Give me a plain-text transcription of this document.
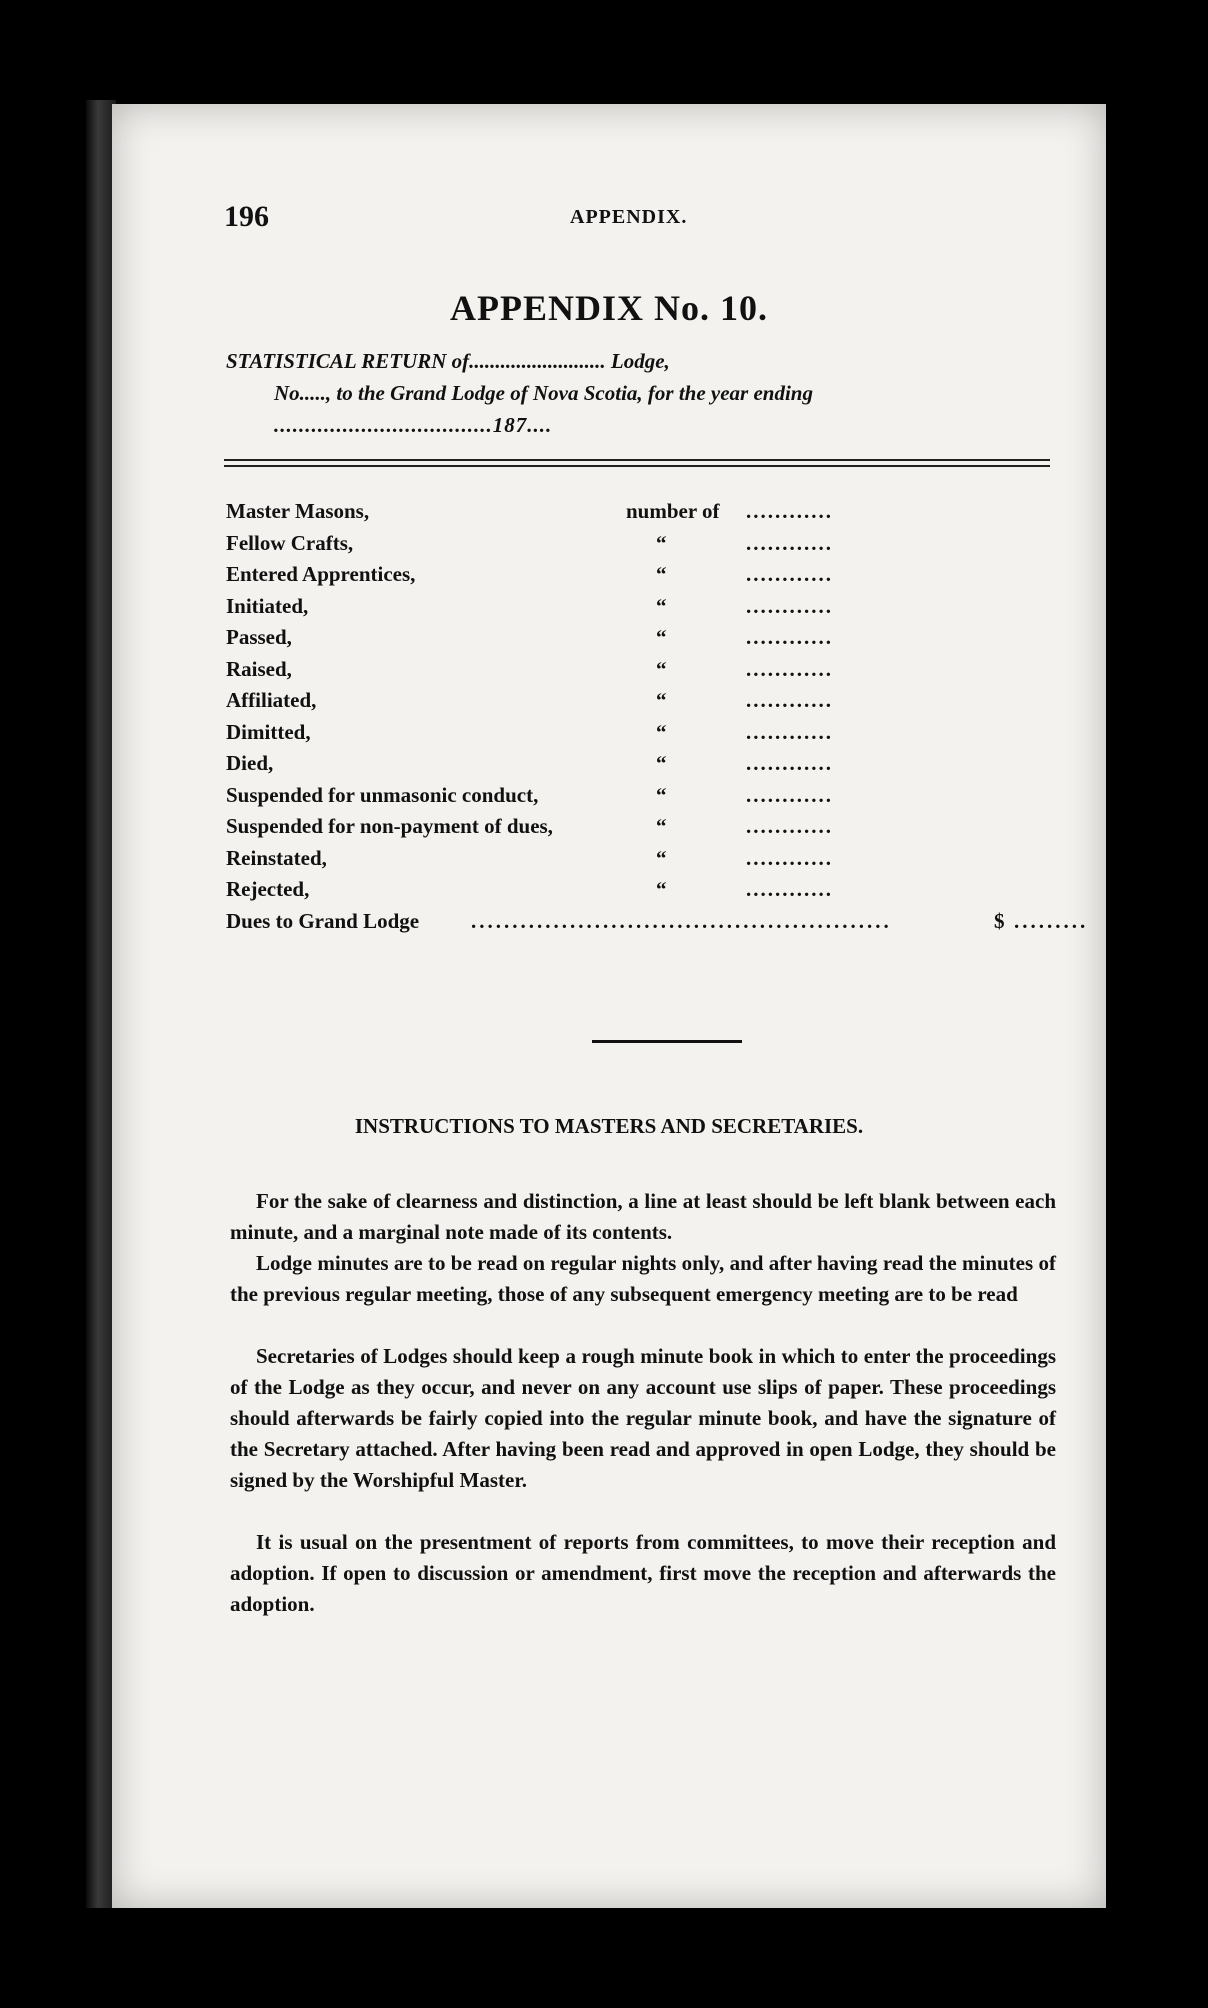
196	APPENDIX.
APPENDIX No. 10.
STATISTICAL RETURN of.......................... Lodge,
No....., to the Grand Lodge of Nova Scotia, for the year ending
...................................187....
Master Masons,	number of ............
Fellow Crafts,	“	............
Entered Apprentices,	“	............
Initiated,	“	............
Passed,	“	............
Raised,	“	............
Affiliated,	“	............
Dimitted,	“	............
Died,	“	............
Suspended for unmasonic conduct,	“	............
Suspended for non-payment of dues,	“	............
Reinstated,	“	............
Rejected,	“	............
Dues to Grand Lodge ...................................................	$ .........
INSTRUCTIONS TO MASTERS AND SECRETARIES.
For the sake of clearness and distinction, a line at least should be left blank between each minute, and a marginal note made of its contents.
Lodge minutes are to be read on regular nights only, and after having read the minutes of the previous regular meeting, those of any subsequent emergency meeting are to be read
Secretaries of Lodges should keep a rough minute book in which to enter the proceedings of the Lodge as they occur, and never on any account use slips of paper. These proceedings should afterwards be fairly copied into the regular minute book, and have the signature of the Secretary attached. After having been read and approved in open Lodge, they should be signed by the Worshipful Master.
It is usual on the presentment of reports from committees, to move their reception and adoption. If open to discussion or amendment, first move the reception and afterwards the adoption.
